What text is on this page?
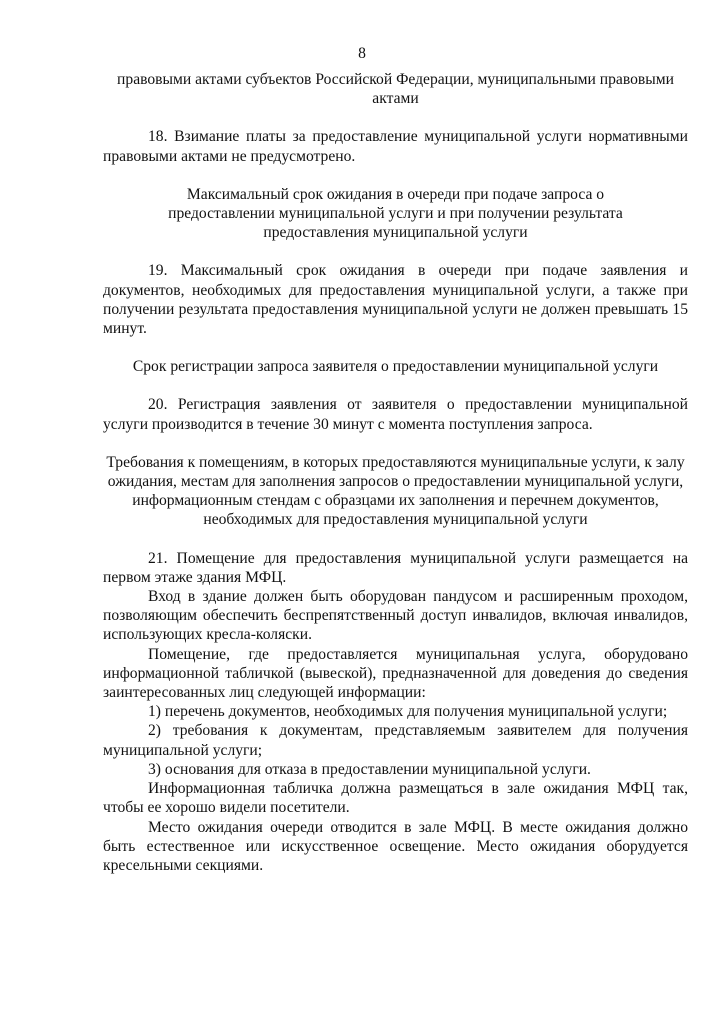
8

правовыми актами субъектов Российской Федерации, муниципальными правовыми актами

18. Взимание платы за предоставление муниципальной услуги нормативными правовыми актами не предусмотрено.

Максимальный срок ожидания в очереди при подаче запроса о предоставлении муниципальной услуги и при получении результата предоставления муниципальной услуги

19. Максимальный срок ожидания в очереди при подаче заявления и документов, необходимых для предоставления муниципальной услуги, а также при получении результата предоставления муниципальной услуги не должен превышать 15 минут.

Срок регистрации запроса заявителя о предоставлении муниципальной услуги

20. Регистрация заявления от заявителя о предоставлении муниципальной услуги производится в течение 30 минут с момента поступления запроса.

Требования к помещениям, в которых предоставляются муниципальные услуги, к залу ожидания, местам для заполнения запросов о предоставлении муниципальной услуги, информационным стендам с образцами их заполнения и перечнем документов, необходимых для предоставления муниципальной услуги

21. Помещение для предоставления муниципальной услуги размещается на первом этаже здания МФЦ.

Вход в здание должен быть оборудован пандусом и расширенным проходом, позволяющим обеспечить беспрепятственный доступ инвалидов, включая инвалидов, использующих кресла-коляски.

Помещение, где предоставляется муниципальная услуга, оборудовано информационной табличкой (вывеской), предназначенной для доведения до сведения заинтересованных лиц следующей информации:

1) перечень документов, необходимых для получения муниципальной услуги;

2) требования к документам, представляемым заявителем для получения муниципальной услуги;

3) основания для отказа в предоставлении муниципальной услуги.

Информационная табличка должна размещаться в зале ожидания МФЦ так, чтобы ее хорошо видели посетители.

Место ожидания очереди отводится в зале МФЦ. В месте ожидания должно быть естественное или искусственное освещение. Место ожидания оборудуется кресельными секциями.
